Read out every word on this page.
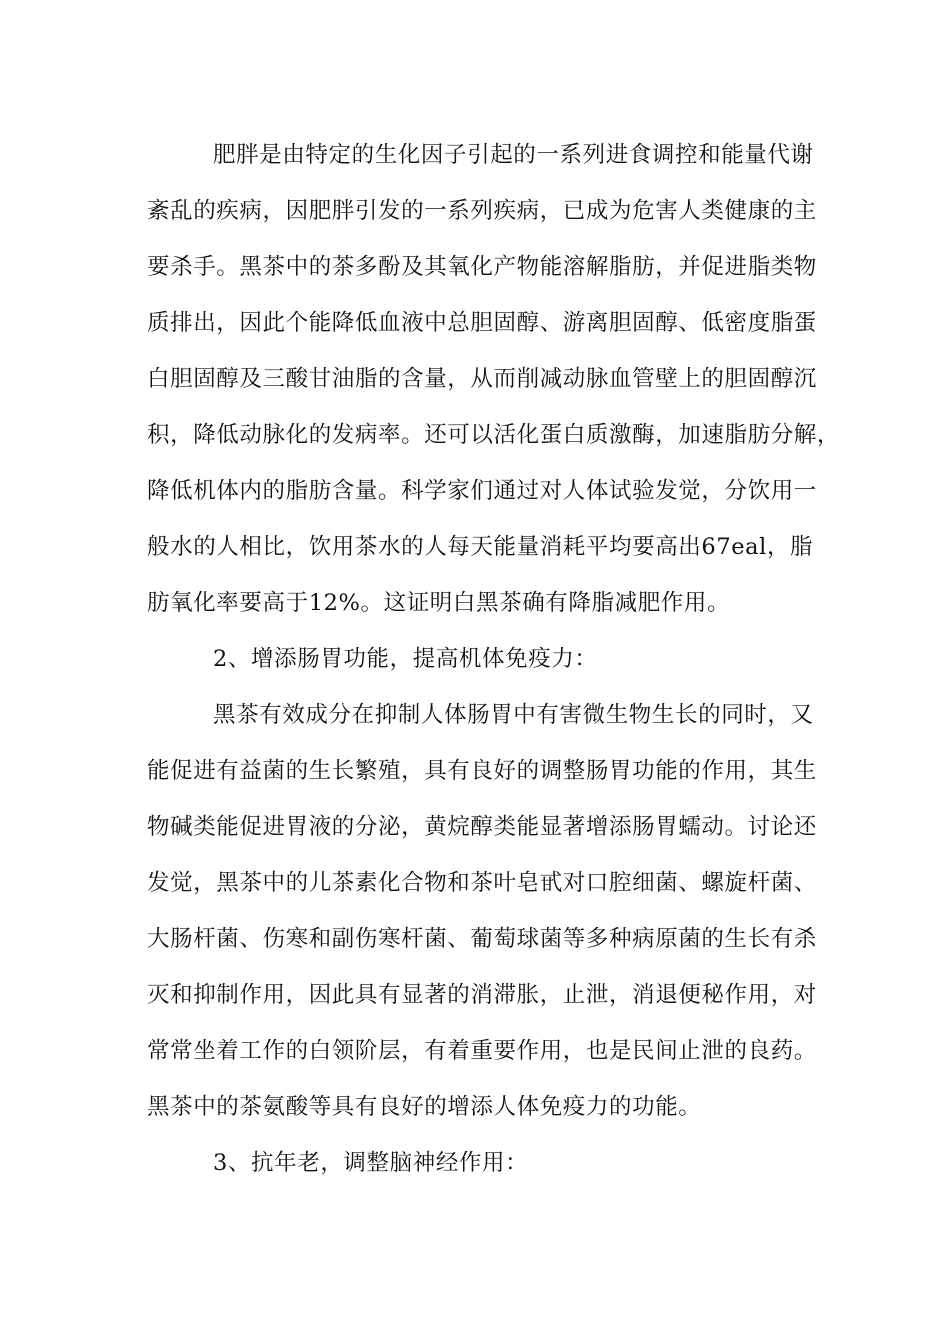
肥胖是由特定的生化因子引起的一系列进食调控和能量代谢
紊乱的疾病，因肥胖引发的一系列疾病，已成为危害人类健康的主
要杀手。黑茶中的茶多酚及其氧化产物能溶解脂肪，并促进脂类物
质排出，因此个能降低血液中总胆固醇、游离胆固醇、低密度脂蛋
白胆固醇及三酸甘油脂的含量，从而削减动脉血管壁上的胆固醇沉
积，降低动脉化的发病率。还可以活化蛋白质激酶，加速脂肪分解，
降低机体内的脂肪含量。科学家们通过对人体试验发觉，分饮用一
般水的人相比，饮用茶水的人每天能量消耗平均要高出67eal，脂
肪氧化率要高于12%。这证明白黑茶确有降脂减肥作用。
2、增添肠胃功能，提高机体免疫力：
黑茶有效成分在抑制人体肠胃中有害微生物生长的同时，又
能促进有益菌的生长繁殖，具有良好的调整肠胃功能的作用，其生
物碱类能促进胃液的分泌，黄烷醇类能显著增添肠胃蠕动。讨论还
发觉，黑茶中的儿茶素化合物和茶叶皂甙对口腔细菌、螺旋杆菌、
大肠杆菌、伤寒和副伤寒杆菌、葡萄球菌等多种病原菌的生长有杀
灭和抑制作用，因此具有显著的消滞胀，止泄，消退便秘作用，对
常常坐着工作的白领阶层，有着重要作用，也是民间止泄的良药。
黑茶中的茶氨酸等具有良好的增添人体免疫力的功能。
3、抗年老，调整脑神经作用：
